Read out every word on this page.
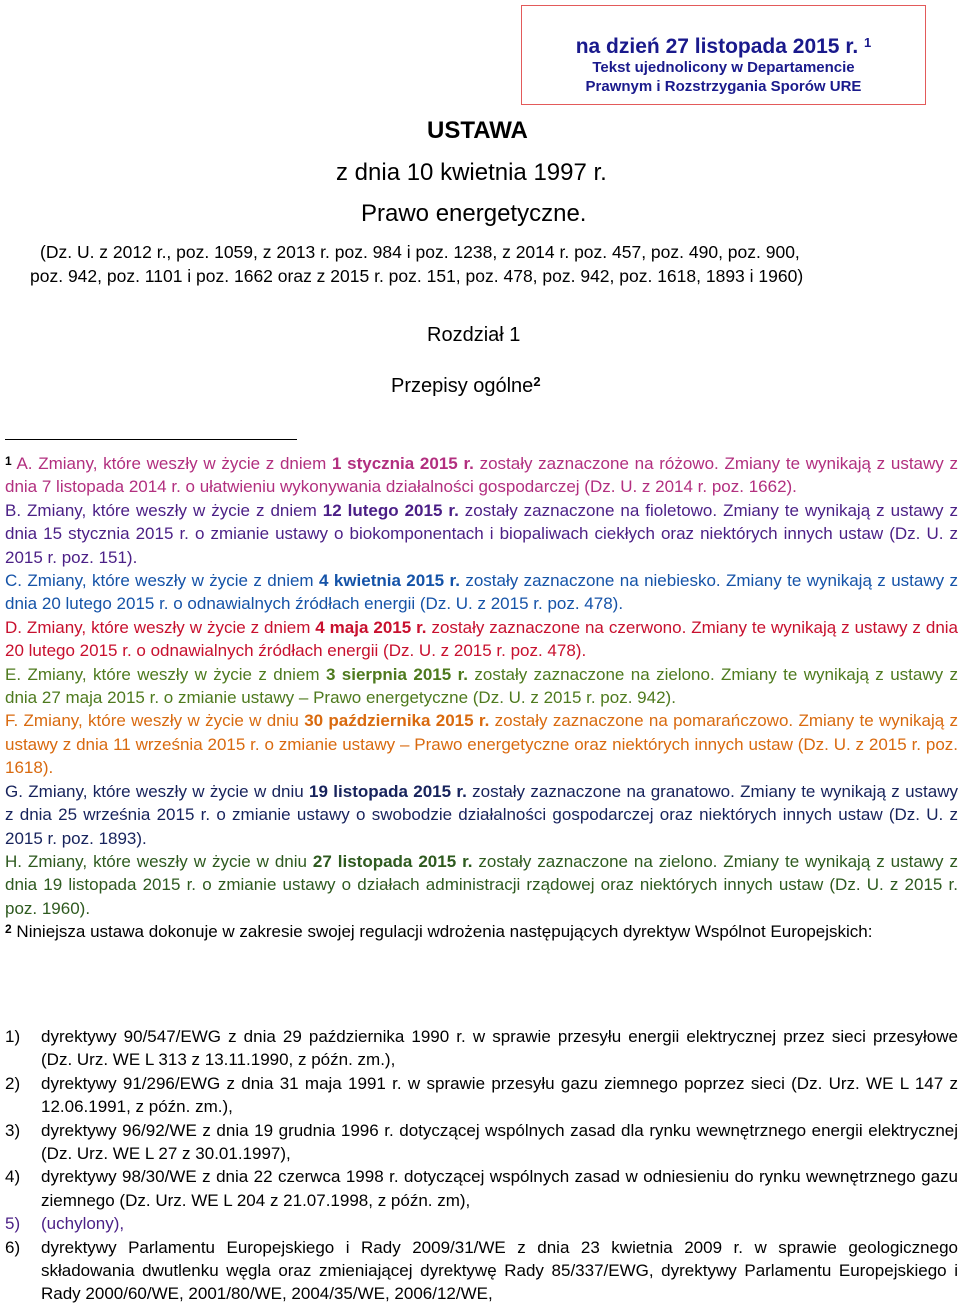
na dzień 27 listopada 2015 r. $^1$
Tekst ujednolicony w Departamencie
Prawnym i Rozstrzygania Sporów URE
USTAWA
z dnia 10 kwietnia 1997 r.
Prawo energetyczne.
(Dz. U. z 2012 r., poz. 1059, z 2013 r. poz. 984 i poz. 1238, z 2014 r. poz. 457, poz. 490, poz. 900,
poz. 942, poz. 1101 i poz. 1662 oraz z 2015 r. poz. 151, poz. 478, poz. 942, poz. 1618, 1893 i 1960)
Rozdział 1
Przepisy ogólne$^2$

$^1$ A. Zmiany, które weszły w życie z dniem 1 stycznia 2015 r. zostały zaznaczone na różowo. Zmiany te wynikają z ustawy z dnia 7 listopada 2014 r. o ułatwieniu wykonywania działalności gospodarczej (Dz. U. z 2014 r. poz. 1662).

B. Zmiany, które weszły w życie z dniem 12 lutego 2015 r. zostały zaznaczone na fioletowo. Zmiany te wynikają z ustawy z dnia 15 stycznia 2015 r. o zmianie ustawy o biokomponentach i biopaliwach ciekłych oraz niektórych innych ustaw (Dz. U. z 2015 r. poz. 151).

C. Zmiany, które weszły w życie z dniem 4 kwietnia 2015 r. zostały zaznaczone na niebiesko. Zmiany te wynikają z ustawy z dnia 20 lutego 2015 r. o odnawialnych źródłach energii (Dz. U. z 2015 r. poz. 478).

D. Zmiany, które weszły w życie z dniem 4 maja 2015 r. zostały zaznaczone na czerwono. Zmiany te wynikają z ustawy z dnia 20 lutego 2015 r. o odnawialnych źródłach energii (Dz. U. z 2015 r. poz. 478).

E. Zmiany, które weszły w życie z dniem 3 sierpnia 2015 r. zostały zaznaczone na zielono. Zmiany te wynikają z ustawy z dnia 27 maja 2015 r. o zmianie ustawy – Prawo energetyczne (Dz. U. z 2015 r. poz. 942).

F. Zmiany, które weszły w życie w dniu 30 października 2015 r. zostały zaznaczone na pomarańczowo. Zmiany te wynikają z ustawy z dnia 11 września 2015 r. o zmianie ustawy – Prawo energetyczne oraz niektórych innych ustaw (Dz. U. z 2015 r. poz. 1618).

G. Zmiany, które weszły w życie w dniu 19 listopada 2015 r. zostały zaznaczone na granatowo. Zmiany te wynikają z ustawy z dnia 25 września 2015 r. o zmianie ustawy o swobodzie działalności gospodarczej oraz niektórych innych ustaw (Dz. U. z 2015 r. poz. 1893).

H. Zmiany, które weszły w życie w dniu 27 listopada 2015 r. zostały zaznaczone na zielono. Zmiany te wynikają z ustawy z dnia 19 listopada 2015 r. o zmianie ustawy o działach administracji rządowej oraz niektórych innych ustaw (Dz. U. z 2015 r. poz. 1960).

$^2$ Niniejsza ustawa dokonuje w zakresie swojej regulacji wdrożenia następujących dyrektyw Wspólnot Europejskich:

1)	dyrektywy 90/547/EWG z dnia 29 października 1990 r. w sprawie przesyłu energii elektrycznej przez sieci przesyłowe (Dz. Urz. WE L 313 z 13.11.1990, z późn. zm.),
2)	dyrektywy 91/296/EWG z dnia 31 maja 1991 r. w sprawie przesyłu gazu ziemnego poprzez sieci (Dz. Urz. WE L 147 z 12.06.1991, z późn. zm.),
3)	dyrektywy 96/92/WE z dnia 19 grudnia 1996 r. dotyczącej wspólnych zasad dla rynku wewnętrznego energii elektrycznej (Dz. Urz. WE L 27 z 30.01.1997),
4)	dyrektywy 98/30/WE z dnia 22 czerwca 1998 r. dotyczącej wspólnych zasad w odniesieniu do rynku wewnętrznego gazu ziemnego (Dz. Urz. WE L 204 z 21.07.1998, z późn. zm),
5)	(uchylony),
6)	dyrektywy Parlamentu Europejskiego i Rady 2009/31/WE z dnia 23 kwietnia 2009 r. w sprawie geologicznego składowania dwutlenku węgla oraz zmieniającej dyrektywę Rady 85/337/EWG, dyrektywy Parlamentu Europejskiego i Rady 2000/60/WE, 2001/80/WE, 2004/35/WE, 2006/12/WE,
